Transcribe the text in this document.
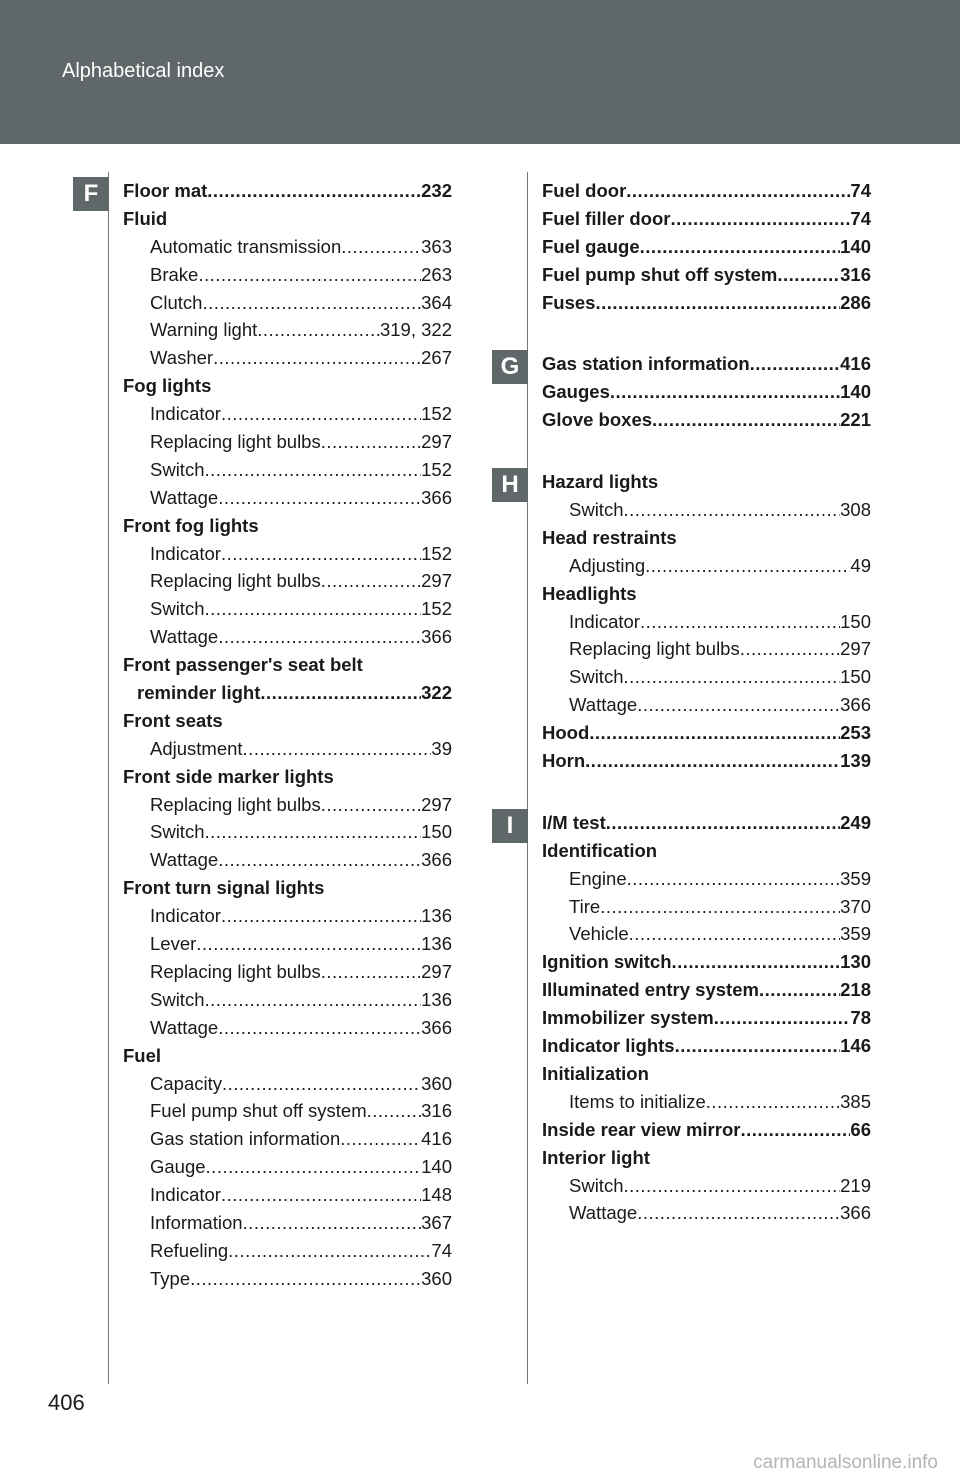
Alphabetical index
F	Floor mat .....	232
Fluid
Automatic transmission .....	363
Brake .....	263
Clutch .....	364
Warning light .....	319, 322
Washer .....	267
Fog lights
Indicator .....	152
Replacing light bulbs .....	297
Switch .....	152
Wattage .....	366
Front fog lights
Indicator .....	152
Replacing light bulbs .....	297
Switch .....	152
Wattage .....	366
Front passenger's seat belt
reminder light .....	322
Front seats
Adjustment .....	39
Front side marker lights
Replacing light bulbs .....	297
Switch .....	150
Wattage .....	366
Front turn signal lights
Indicator .....	136
Lever .....	136
Replacing light bulbs .....	297
Switch .....	136
Wattage .....	366
Fuel
Capacity .....	360
Fuel pump shut off system .....	316
Gas station information .....	416
Gauge .....	140
Indicator .....	148
Information .....	367
Refueling .....	74
Type .....	360
Fuel door .....	74
Fuel filler door .....	74
Fuel gauge .....	140
Fuel pump shut off system .....	316
Fuses .....	286
G	Gas station information .....	416
Gauges .....	140
Glove boxes .....	221
H	Hazard lights
Switch .....	308
Head restraints
Adjusting .....	49
Headlights
Indicator .....	150
Replacing light bulbs .....	297
Switch .....	150
Wattage .....	366
Hood .....	253
Horn .....	139
I	I/M test .....	249
Identification
Engine .....	359
Tire .....	370
Vehicle .....	359
Ignition switch .....	130
Illuminated entry system .....	218
Immobilizer system .....	78
Indicator lights .....	146
Initialization
Items to initialize .....	385
Inside rear view mirror .....	66
Interior light
Switch .....	219
Wattage .....	366
406
carmanualsonline.info
